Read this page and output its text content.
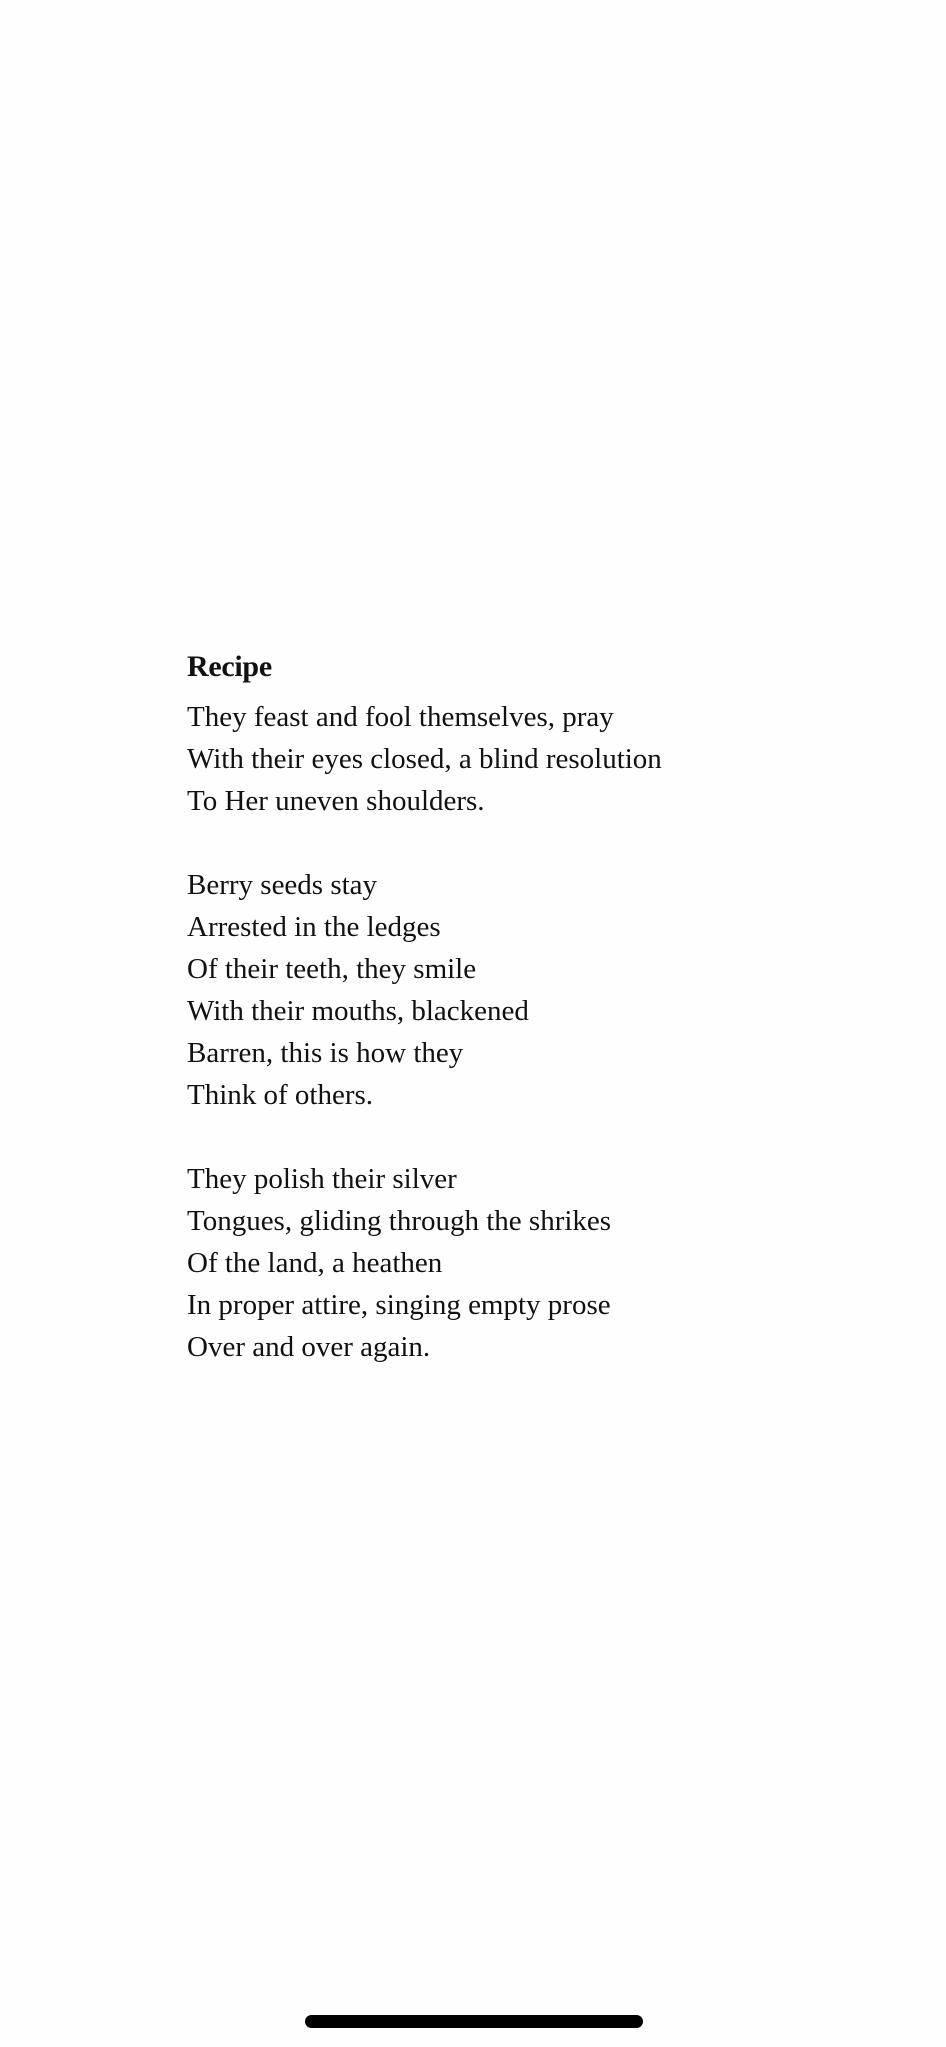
Recipe
They feast and fool themselves, pray
With their eyes closed, a blind resolution
To Her uneven shoulders.
Berry seeds stay
Arrested in the ledges
Of their teeth, they smile
With their mouths, blackened
Barren, this is how they
Think of others.
They polish their silver
Tongues, gliding through the shrikes
Of the land, a heathen
In proper attire, singing empty prose
Over and over again.
